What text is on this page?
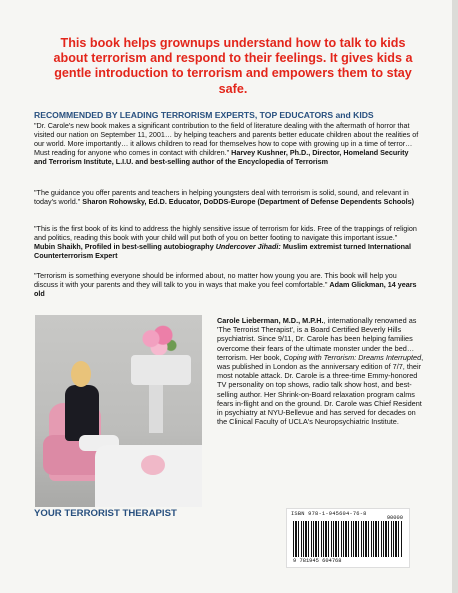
This book helps grownups understand how to talk to kids about terrorism and respond to their feelings. It gives kids a gentle introduction to terrorism and empowers them to stay safe.
RECOMMENDED BY LEADING TERRORISM EXPERTS, TOP EDUCATORS and KIDS
"Dr. Carole's new book makes a significant contribution to the field of literature dealing with the aftermath of horror that visited our nation on September 11, 2001… by helping teachers and parents better educate children about the realities of our world. More importantly… it allows children to read for themselves how to cope with growing up in a time of terror… Must reading for anyone who comes in contact with children." Harvey Kushner, Ph.D., Director, Homeland Security and Terrorism Institute, L.I.U. and best-selling author of the Encyclopedia of Terrorism
"The guidance you offer parents and teachers in helping youngsters deal with terrorism is solid, sound, and relevant in today's world." Sharon Rohowsky, Ed.D. Educator, DoDDS-Europe (Department of Defense Dependents Schools)
"This is the first book of its kind to address the highly sensitive issue of terrorism for kids. Free of the trappings of religion and politics, reading this book with your child will put both of you on better footing to navigate this important issue." Mubin Shaikh, Profiled in best-selling autobiography Undercover Jihadi: Muslim extremist turned International Counterterrorism Expert
"Terrorism is something everyone should be informed about, no matter how young you are. This book will help you discuss it with your parents and they will talk to you in ways that make you feel comfortable." Adam Glickman, 14 years old
YOUR TERRORIST THERAPIST
Carole Lieberman, M.D., M.P.H., internationally renowned as 'The Terrorist Therapist', is a Board Certified Beverly Hills psychiatrist. Since 9/11, Dr. Carole has been helping families overcome their fears of the ultimate monster under the bed… terrorism. Her book, Coping with Terrorism: Dreams Interrupted, was published in London as the anniversary edition of 7/7, their most notable attack. Dr. Carole is a three-time Emmy-honored TV personality on top shows, radio talk show host, and best-selling author. Her Shrink-on-Board relaxation program calms fears in-flight and on the ground. Dr. Carole was Chief Resident in psychiatry at NYU-Bellevue and has served for decades on the Clinical Faculty of UCLA's Neuropsychiatric Institute.
ISBN 978-1-945604-76-8
90000
9 781945 604768
